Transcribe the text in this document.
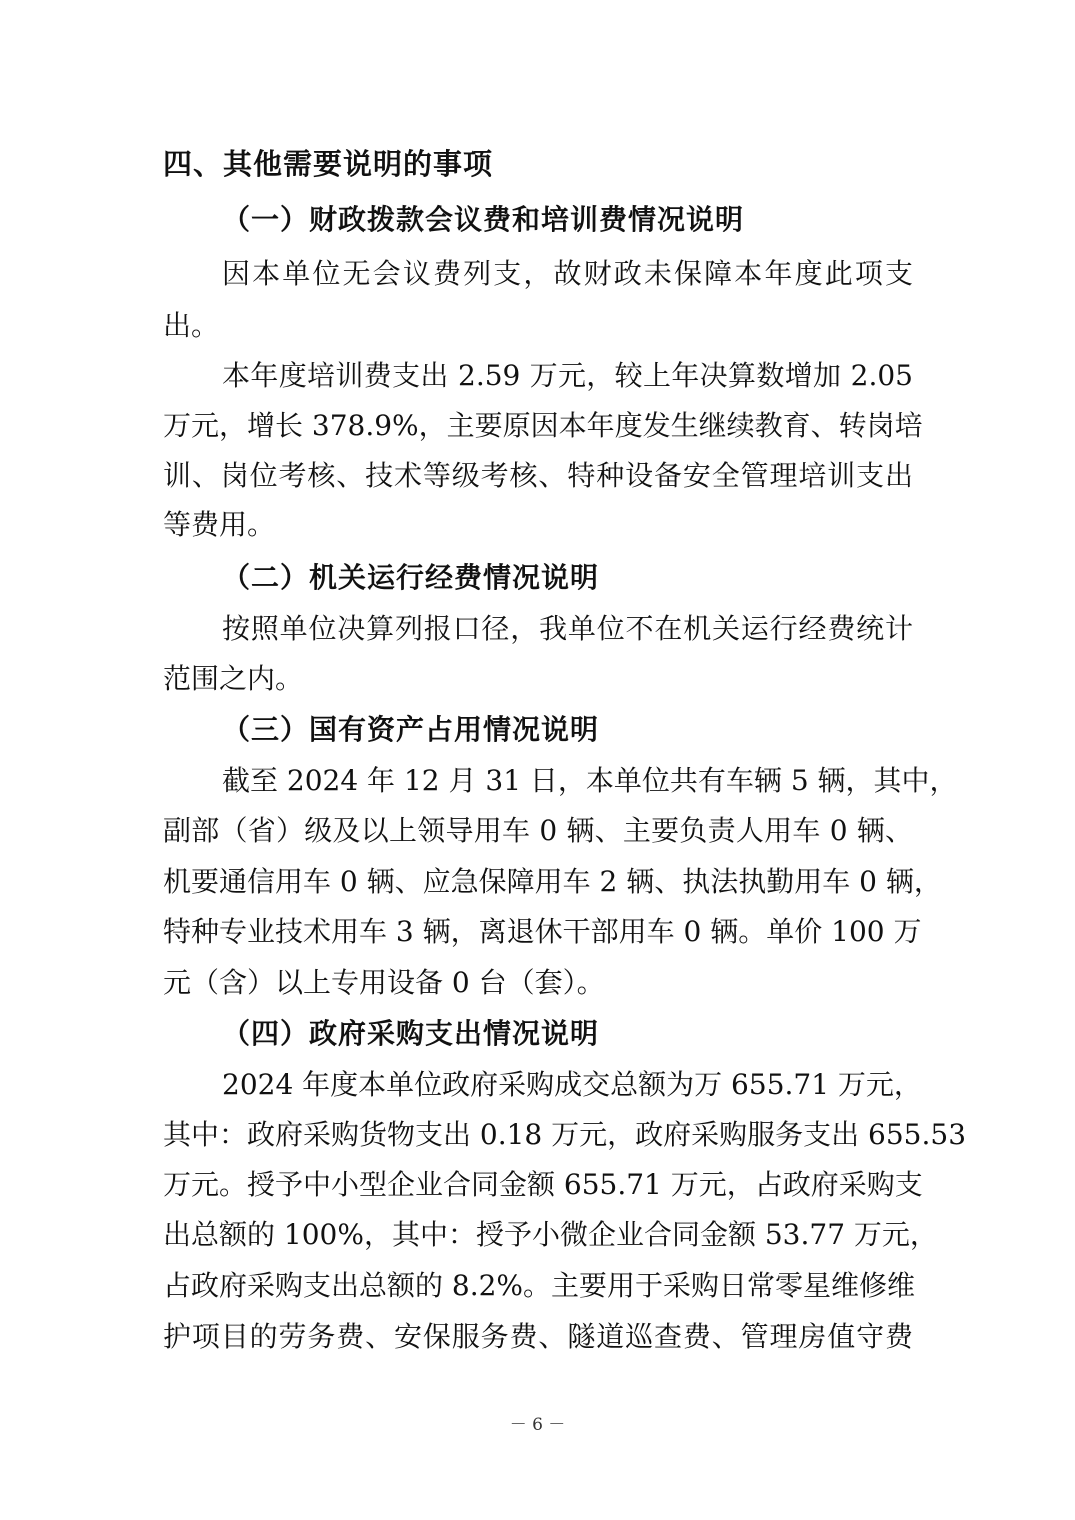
四、其他需要说明的事项
（一）财政拨款会议费和培训费情况说明
因本单位无会议费列支，故财政未保障本年度此项支
出。
本年度培训费支出 2.59 万元，较上年决算数增加 2.05
万元，增长 378.9%，主要原因本年度发生继续教育、转岗培
训、岗位考核、技术等级考核、特种设备安全管理培训支出
等费用。
（二）机关运行经费情况说明
按照单位决算列报口径，我单位不在机关运行经费统计
范围之内。
（三）国有资产占用情况说明
截至 2024 年 12 月 31 日，本单位共有车辆 5 辆，其中，
副部（省）级及以上领导用车 0 辆、主要负责人用车 0 辆、
机要通信用车 0 辆、应急保障用车 2 辆、执法执勤用车 0 辆，
特种专业技术用车 3 辆，离退休干部用车 0 辆。单价 100 万
元（含）以上专用设备 0 台（套）。
（四）政府采购支出情况说明
2024 年度本单位政府采购成交总额为万 655.71 万元，
其中：政府采购货物支出 0.18 万元，政府采购服务支出 655.53
万元。授予中小型企业合同金额 655.71 万元，占政府采购支
出总额的 100%，其中：授予小微企业合同金额 53.77 万元，
占政府采购支出总额的 8.2%。主要用于采购日常零星维修维
护项目的劳务费、安保服务费、隧道巡查费、管理房值守费
－ 6 －
